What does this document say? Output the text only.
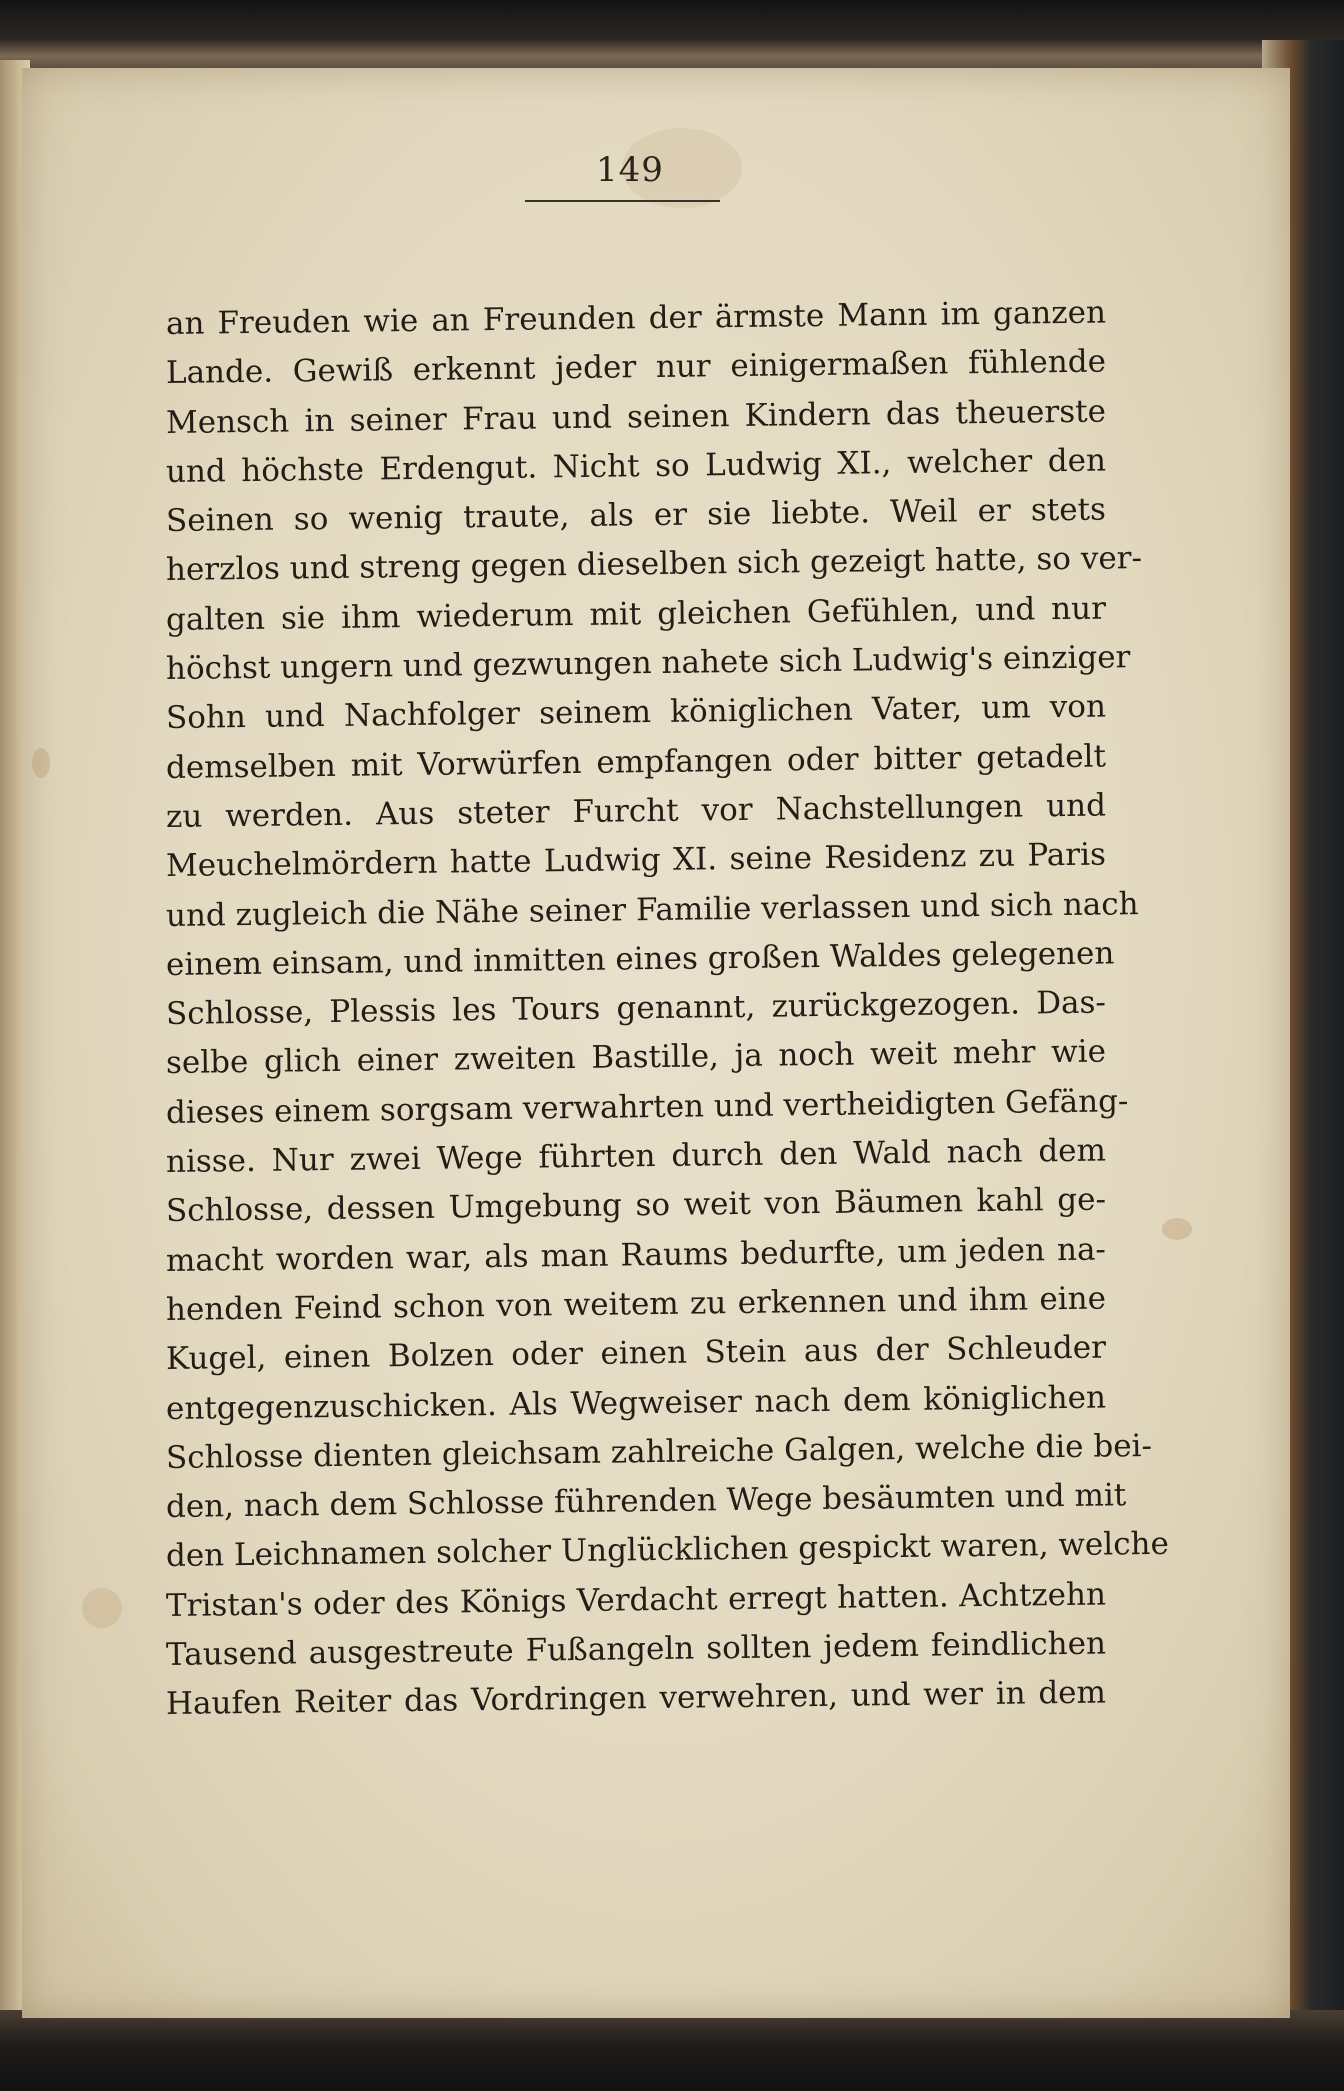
149
an Freuden wie an Freunden der ärmste Mann im ganzen
Lande. Gewiß erkennt jeder nur einigermaßen fühlende
Mensch in seiner Frau und seinen Kindern das theuerste
und höchste Erdengut. Nicht so Ludwig XI., welcher den
Seinen so wenig traute, als er sie liebte. Weil er stets
herzlos und streng gegen dieselben sich gezeigt hatte, so ver-
galten sie ihm wiederum mit gleichen Gefühlen, und nur
höchst ungern und gezwungen nahete sich Ludwig's einziger
Sohn und Nachfolger seinem königlichen Vater, um von
demselben mit Vorwürfen empfangen oder bitter getadelt
zu werden. Aus steter Furcht vor Nachstellungen und
Meuchelmördern hatte Ludwig XI. seine Residenz zu Paris
und zugleich die Nähe seiner Familie verlassen und sich nach
einem einsam, und inmitten eines großen Waldes gelegenen
Schlosse, Plessis les Tours genannt, zurückgezogen. Das-
selbe glich einer zweiten Bastille, ja noch weit mehr wie
dieses einem sorgsam verwahrten und vertheidigten Gefäng-
nisse. Nur zwei Wege führten durch den Wald nach dem
Schlosse, dessen Umgebung so weit von Bäumen kahl ge-
macht worden war, als man Raums bedurfte, um jeden na-
henden Feind schon von weitem zu erkennen und ihm eine
Kugel, einen Bolzen oder einen Stein aus der Schleuder
entgegenzuschicken. Als Wegweiser nach dem königlichen
Schlosse dienten gleichsam zahlreiche Galgen, welche die bei-
den, nach dem Schlosse führenden Wege besäumten und mit
den Leichnamen solcher Unglücklichen gespickt waren, welche
Tristan's oder des Königs Verdacht erregt hatten. Achtzehn
Tausend ausgestreute Fußangeln sollten jedem feindlichen
Haufen Reiter das Vordringen verwehren, und wer in dem
